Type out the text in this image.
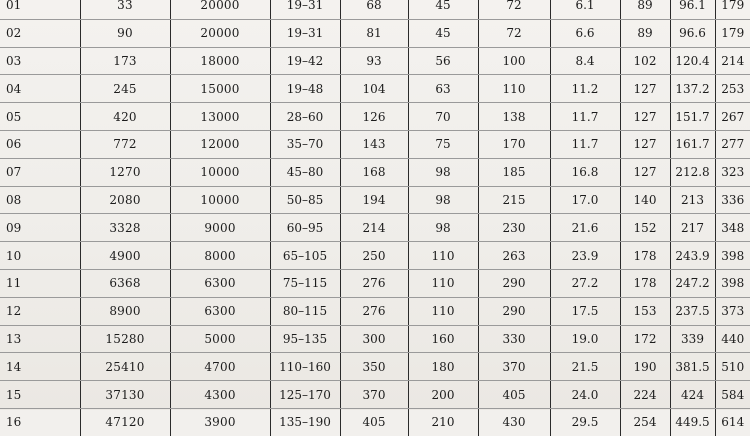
01	33	20000	19–31	68	45	72	6.1	89	96.1	179
02	90	20000	19–31	81	45	72	6.6	89	96.6	179
03	173	18000	19–42	93	56	100	8.4	102	120.4	214
04	245	15000	19–48	104	63	110	11.2	127	137.2	253
05	420	13000	28–60	126	70	138	11.7	127	151.7	267
06	772	12000	35–70	143	75	170	11.7	127	161.7	277
07	1270	10000	45–80	168	98	185	16.8	127	212.8	323
08	2080	10000	50–85	194	98	215	17.0	140	213	336
09	3328	9000	60–95	214	98	230	21.6	152	217	348
10	4900	8000	65–105	250	110	263	23.9	178	243.9	398
11	6368	6300	75–115	276	110	290	27.2	178	247.2	398
12	8900	6300	80–115	276	110	290	17.5	153	237.5	373
13	15280	5000	95–135	300	160	330	19.0	172	339	440
14	25410	4700	110–160	350	180	370	21.5	190	381.5	510
15	37130	4300	125–170	370	200	405	24.0	224	424	584
16	47120	3900	135–190	405	210	430	29.5	254	449.5	614
